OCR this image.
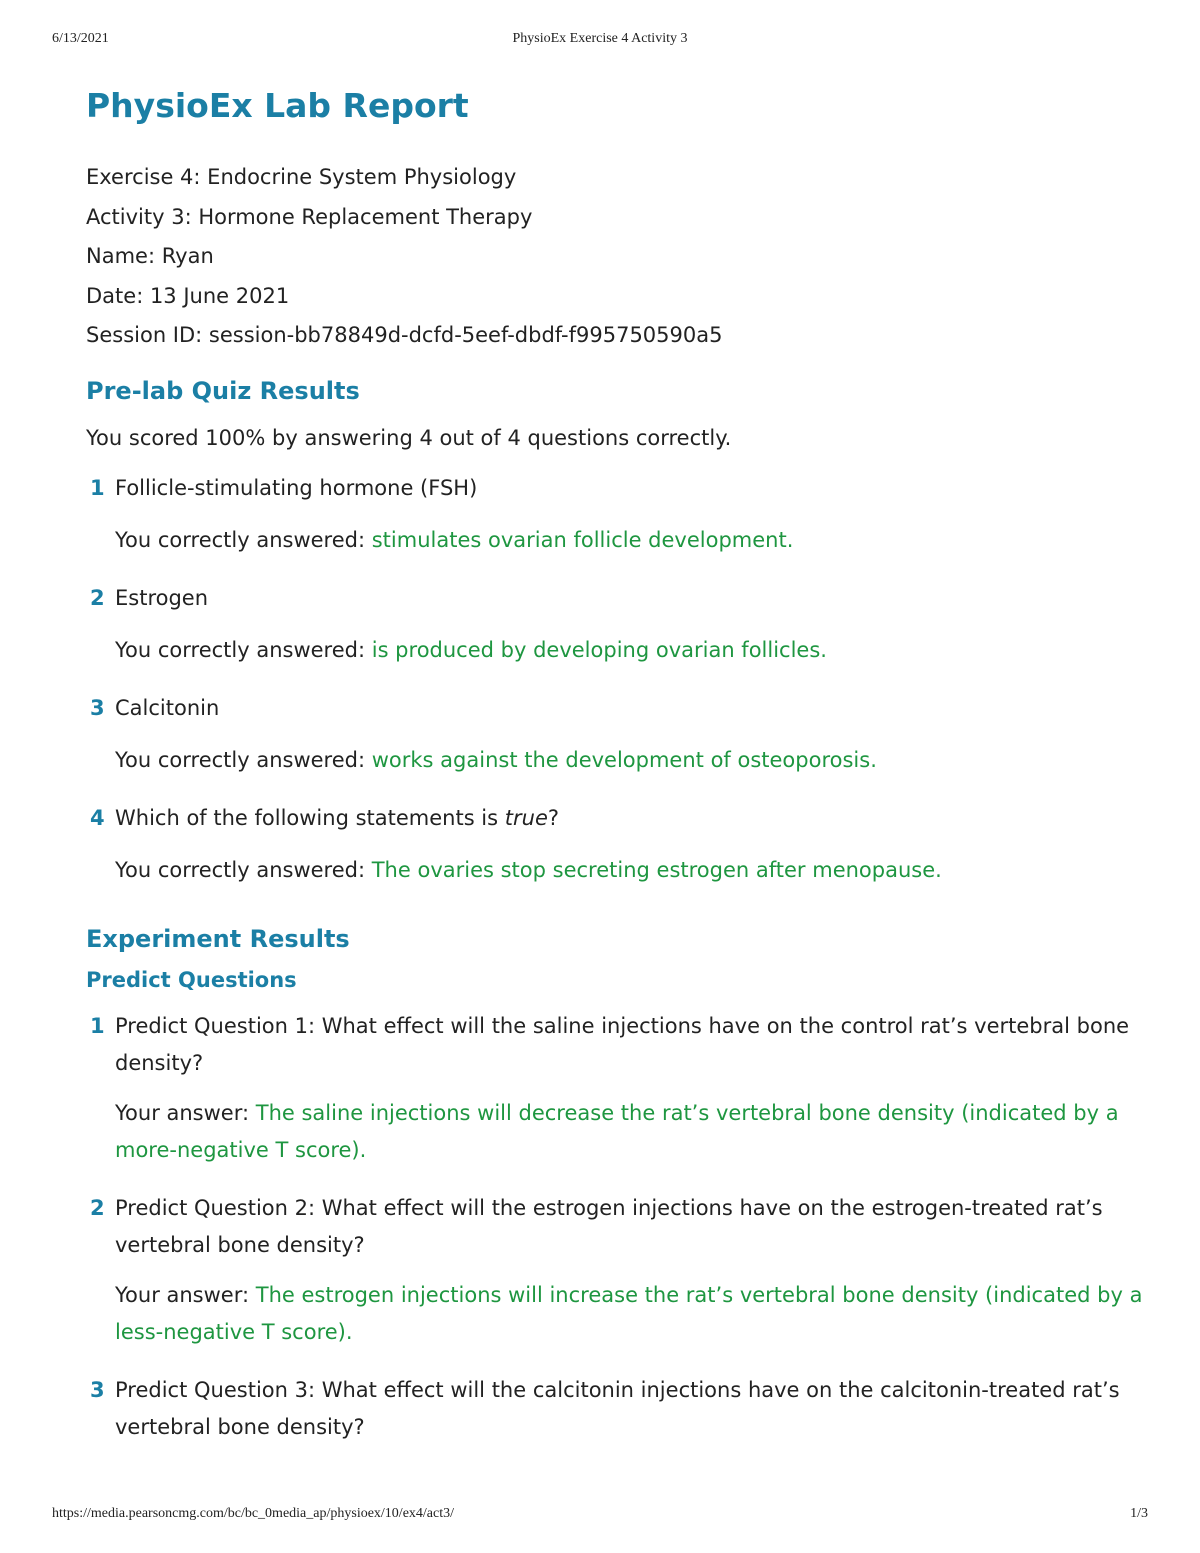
6/13/2021	PhysioEx Exercise 4 Activity 3
PhysioEx Lab Report
Exercise 4: Endocrine System Physiology
Activity 3: Hormone Replacement Therapy
Name: Ryan
Date: 13 June 2021
Session ID: session-bb78849d-dcfd-5eef-dbdf-f995750590a5
Pre-lab Quiz Results
You scored 100% by answering 4 out of 4 questions correctly.
1 Follicle-stimulating hormone (FSH)
You correctly answered: stimulates ovarian follicle development.
2 Estrogen
You correctly answered: is produced by developing ovarian follicles.
3 Calcitonin
You correctly answered: works against the development of osteoporosis.
4 Which of the following statements is true?
You correctly answered: The ovaries stop secreting estrogen after menopause.
Experiment Results
Predict Questions
1 Predict Question 1: What effect will the saline injections have on the control rat’s vertebral bone density?
Your answer: The saline injections will decrease the rat’s vertebral bone density (indicated by a more-negative T score).
2 Predict Question 2: What effect will the estrogen injections have on the estrogen-treated rat’s vertebral bone density?
Your answer: The estrogen injections will increase the rat’s vertebral bone density (indicated by a less-negative T score).
3 Predict Question 3: What effect will the calcitonin injections have on the calcitonin-treated rat’s vertebral bone density?
https://media.pearsoncmg.com/bc/bc_0media_ap/physioex/10/ex4/act3/	1/3
